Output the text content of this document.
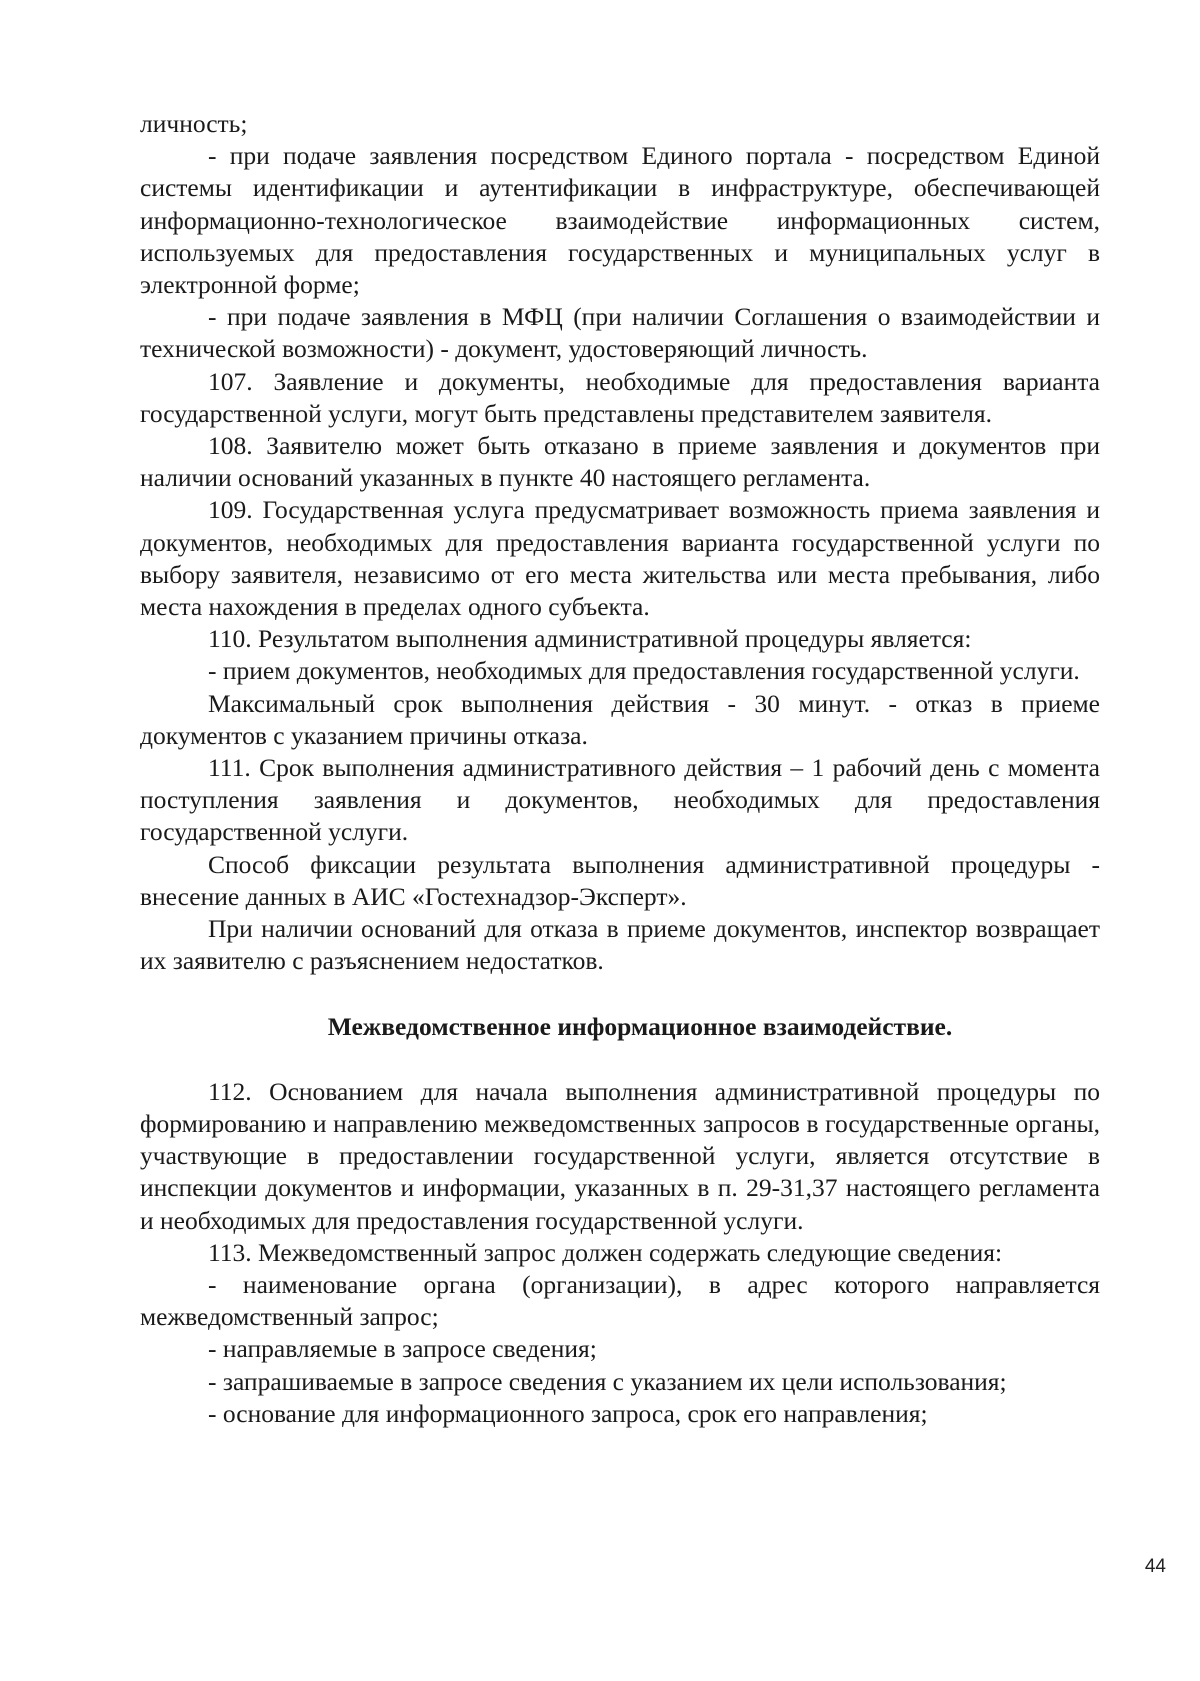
личность;

- при подаче заявления посредством Единого портала - посредством Единой системы идентификации и аутентификации в инфраструктуре, обеспечивающей информационно-технологическое взаимодействие информационных систем, используемых для предоставления государственных и муниципальных услуг в электронной форме;

- при подаче заявления в МФЦ (при наличии Соглашения о взаимодействии и технической возможности) - документ, удостоверяющий личность.

107. Заявление и документы, необходимые для предоставления варианта государственной услуги, могут быть представлены представителем заявителя.

108. Заявителю может быть отказано в приеме заявления и документов при наличии оснований указанных в пункте 40 настоящего регламента.

109. Государственная услуга предусматривает возможность приема заявления и документов, необходимых для предоставления варианта государственной услуги по выбору заявителя, независимо от его места жительства или места пребывания, либо места нахождения в пределах одного субъекта.

110. Результатом выполнения административной процедуры является:

- прием документов, необходимых для предоставления государственной услуги.

Максимальный срок выполнения действия - 30 минут. - отказ в приеме документов с указанием причины отказа.

111. Срок выполнения административного действия – 1 рабочий день с момента поступления заявления и документов, необходимых для предоставления государственной услуги.

Способ фиксации результата выполнения административной процедуры - внесение данных в АИС «Гостехнадзор-Эксперт».

При наличии оснований для отказа в приеме документов, инспектор возвращает их заявителю с разъяснением недостатков.

Межведомственное информационное взаимодействие.

112. Основанием для начала выполнения административной процедуры по формированию и направлению межведомственных запросов в государственные органы, участвующие в предоставлении государственной услуги, является отсутствие в инспекции документов и информации, указанных в п. 29-31,37 настоящего регламента и необходимых для предоставления государственной услуги.

113. Межведомственный запрос должен содержать следующие сведения:

- наименование органа (организации), в адрес которого направляется межведомственный запрос;

- направляемые в запросе сведения;

- запрашиваемые в запросе сведения с указанием их цели использования;

- основание для информационного запроса, срок его направления;

44
